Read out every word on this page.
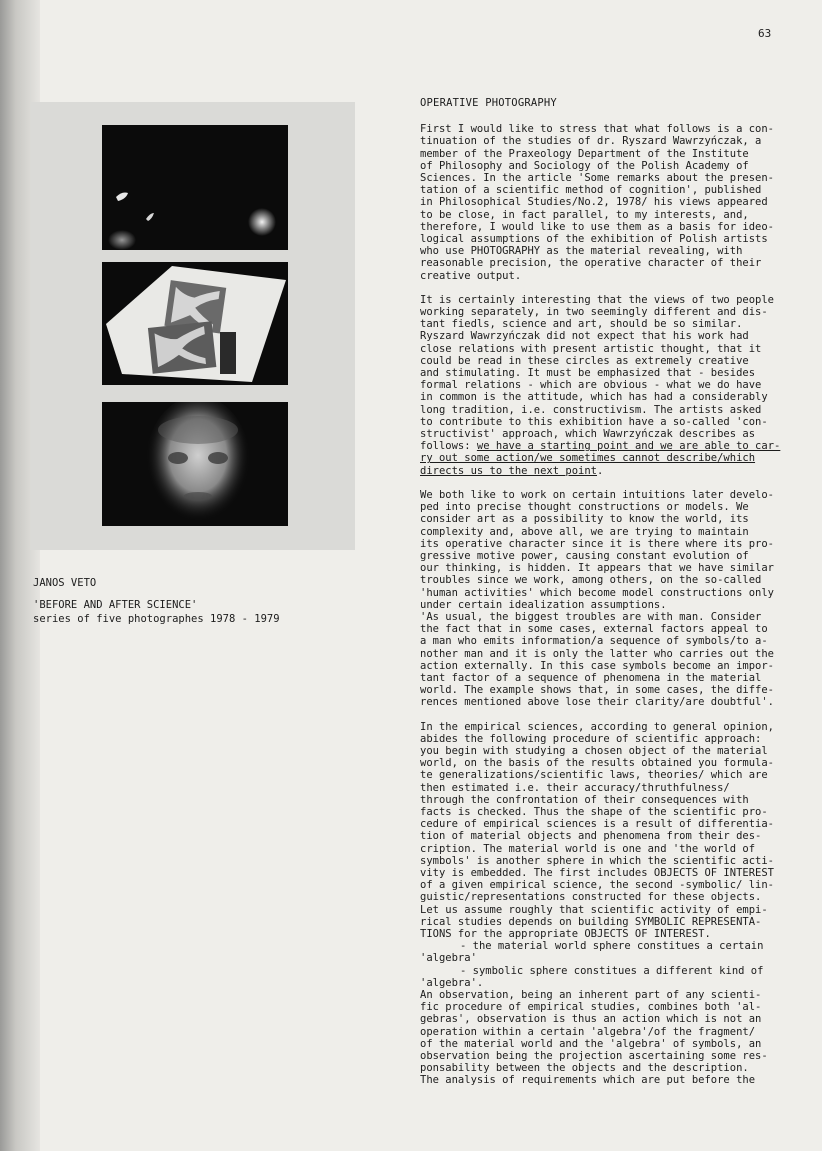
63
JANOS VETO
'BEFORE AND AFTER SCIENCE'
series of five photographes 1978 - 1979
OPERATIVE PHOTOGRAPHY

First I would like to stress that what follows is a con-
tinuation of the studies of dr. Ryszard Wawrzyńczak, a
member of the Praxeology Department of the Institute
of Philosophy and Sociology of the Polish Academy of
Sciences. In the article 'Some remarks about the presen-
tation of a scientific method of cognition', published
in Philosophical Studies/No.2, 1978/ his views appeared
to be close, in fact parallel, to my interests, and,
therefore, I would like to use them as a basis for ideo-
logical assumptions of the exhibition of Polish artists
who use PHOTOGRAPHY as the material revealing, with
reasonable precision, the operative character of their
creative output.

It is certainly interesting that the views of two people
working separately, in two seemingly different and dis-
tant fiedls, science and art, should be so similar.
Ryszard Wawrzyńczak did not expect that his work had
close relations with present artistic thought, that it
could be read in these circles as extremely creative
and stimulating. It must be emphasized that - besides
formal relations - which are obvious - what we do have
in common is the attitude, which has had a considerably
long tradition, i.e. constructivism. The artists asked
to contribute to this exhibition have a so-called 'con-
structivist' approach, which Wawrzyńczak describes as
follows: we have a starting point and we are able to car-
ry out some action/we sometimes cannot describe/which
directs us to the next point.

We both like to work on certain intuitions later develo-
ped into precise thought constructions or models. We
consider art as a possibility to know the world, its
complexity and, above all, we are trying to maintain
its operative character since it is there where its pro-
gressive motive power, causing constant evolution of
our thinking, is hidden. It appears that we have similar
troubles since we work, among others, on the so-called
'human activities' which become model constructions only
under certain idealization assumptions.
'As usual, the biggest troubles are with man. Consider
the fact that in some cases, external factors appeal to
a man who emits information/a sequence of symbols/to a-
nother man and it is only the latter who carries out the
action externally. In this case symbols become an impor-
tant factor of a sequence of phenomena in the material
world. The example shows that, in some cases, the diffe-
rences mentioned above lose their clarity/are doubtful'.

In the empirical sciences, according to general opinion,
abides the following procedure of scientific approach:
you begin with studying a chosen object of the material
world, on the basis of the results obtained you formula-
te generalizations/scientific laws, theories/ which are
then estimated i.e. their accuracy/thruthfulness/
through the confrontation of their consequences with
facts is checked. Thus the shape of the scientific pro-
cedure of empirical sciences is a result of differentia-
tion of material objects and phenomena from their des-
cription. The material world is one and 'the world of
symbols' is another sphere in which the scientific acti-
vity is embedded. The first includes OBJECTS OF INTEREST
of a given empirical science, the second -symbolic/ lin-
guistic/representations constructed for these objects.
Let us assume roughly that scientific activity of empi-
rical studies depends on building SYMBOLIC REPRESENTA-
TIONS for the appropriate OBJECTS OF INTEREST.

- the material world sphere constitues a certain
'algebra'
- symbolic sphere constitues a different kind of
'algebra'.

An observation, being an inherent part of any scienti-
fic procedure of empirical studies, combines both 'al-
gebras', observation is thus an action which is not an
operation within a certain 'algebra'/of the fragment/
of the material world and the 'algebra' of symbols, an
observation being the projection ascertaining some res-
ponsability between the objects and the description.
The analysis of requirements which are put before the
